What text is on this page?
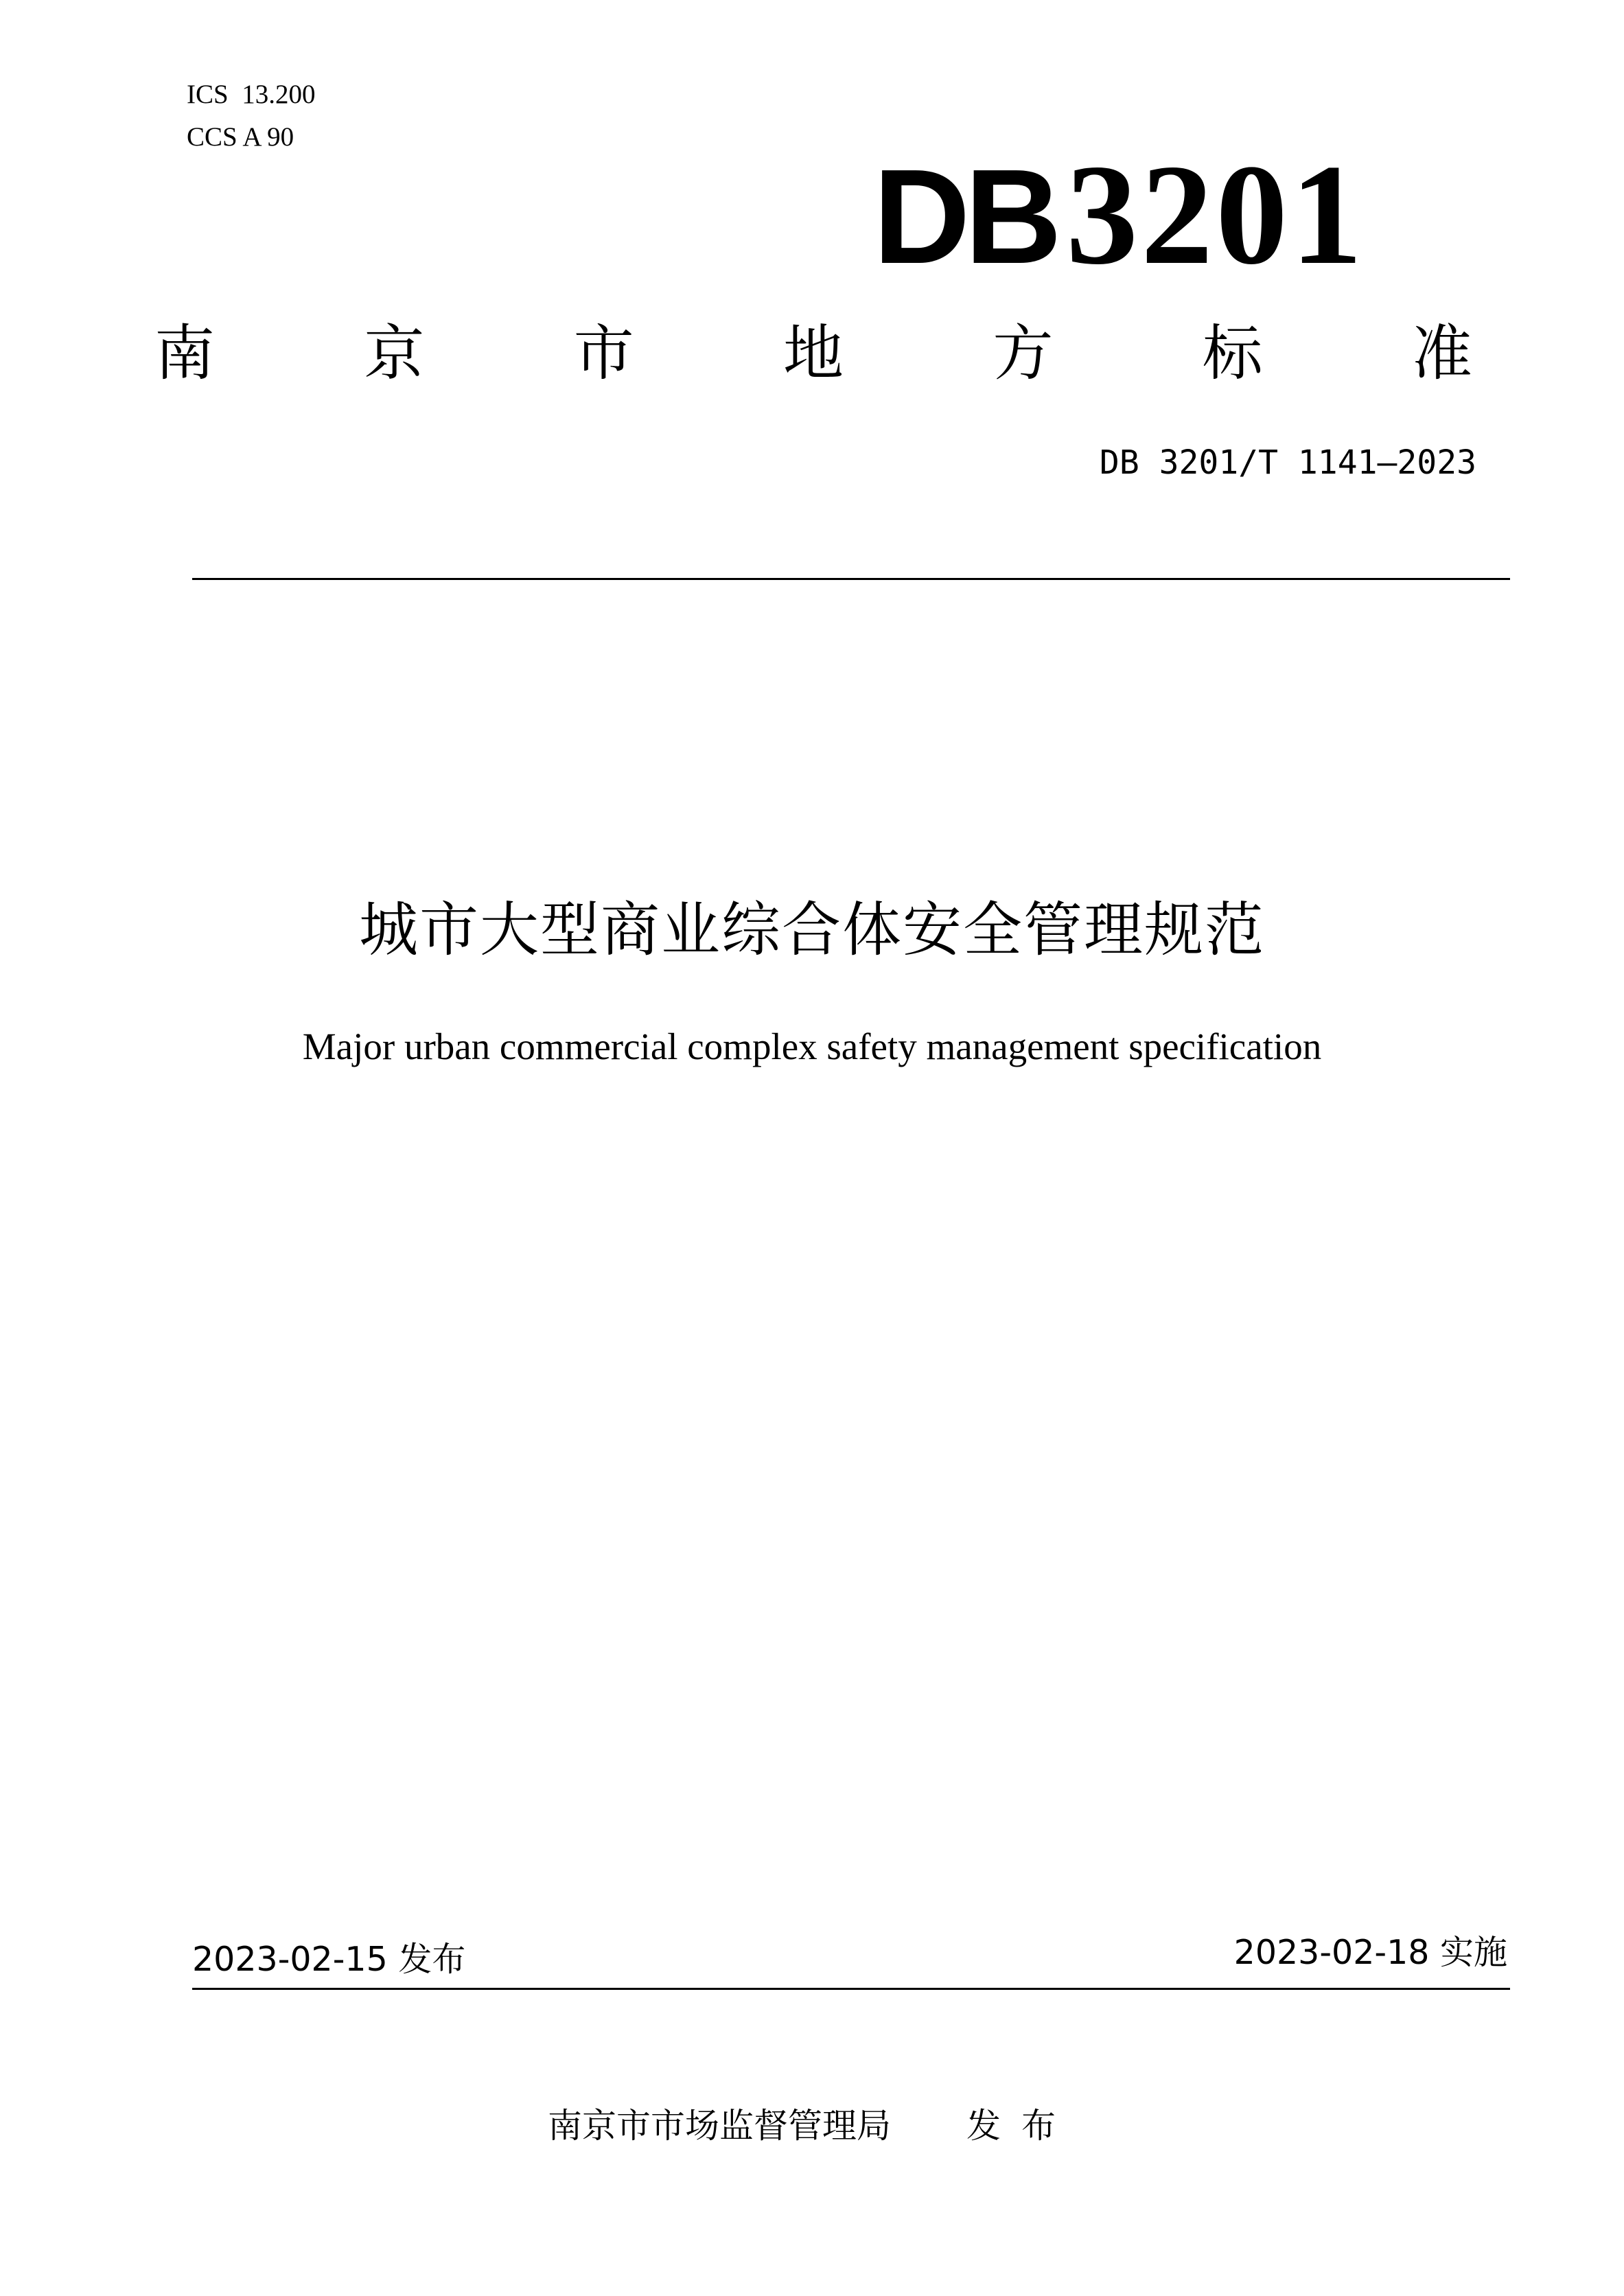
ICS  13.200
CCS A 90
DB3201
南 京 市 地 方 标 准
DB 3201/T 1141—2023
城市大型商业综合体安全管理规范
Major urban commercial complex safety management specification
2023-02-15 发布	2023-02-18 实施
南京市市场监督管理局 发布
